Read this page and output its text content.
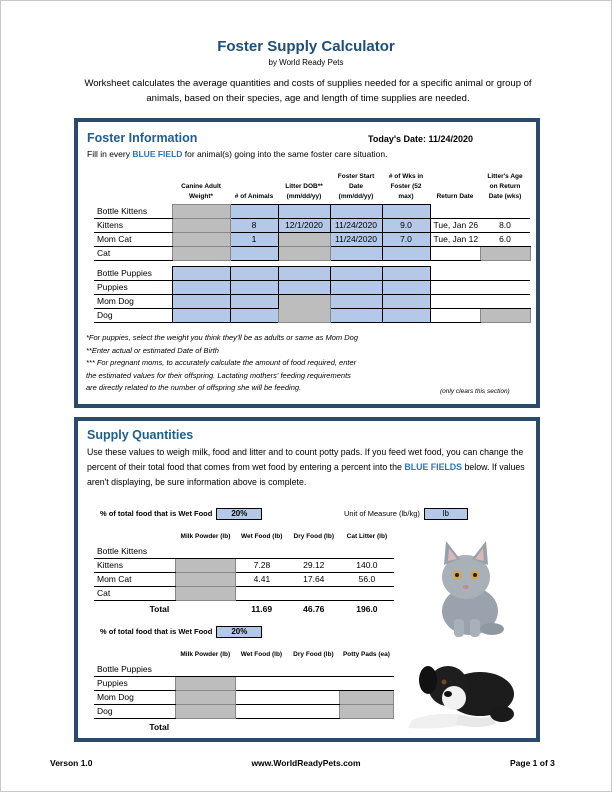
Foster Supply Calculator
by World Ready Pets
Worksheet calculates the average quantities and costs of supplies needed for a specific animal or group of animals, based on their species, age and length of time supplies are needed.
Foster Information	Today's Date: 11/24/2020
Fill in every BLUE FIELD for animal(s) going into the same foster care situation.
	Canine Adult Weight*	# of Animals	Litter DOB** (mm/dd/yy)	Foster Start Date (mm/dd/yy)	# of Wks in Foster (52 max)	Return Date	Litter's Age on Return Date (wks)
Bottle Kittens							
Kittens		8	12/1/2020	11/24/2020	9.0	Tue, Jan 26	8.0
Mom Cat		1		11/24/2020	7.0	Tue, Jan 12	6.0
Cat							

Bottle Puppies							
Puppies							
Mom Dog							
Dog							
*For puppies, select the weight you think they'll be as adults or same as Mom Dog
**Enter actual or estimated Date of Birth
*** For pregnant moms, to accurately calculate the amount of food required, enter
the estimated values for their offspring. Lactating mothers' feeding requirements
are directly related to the number of offspring she will be feeding.	(only clears this section)
Supply Quantities
Use these values to weigh milk, food and litter and to count potty pads. If you feed wet food, you can change the percent of their total food that comes from wet food by entering a percent into the BLUE FIELDS below. If values aren't displaying, be sure information above is complete.
% of total food that is Wet Food 20%	Unit of Measure (lb/kg)	lb
	Milk Powder (lb)	Wet Food (lb)	Dry Food (lb)	Cat Litter (lb)
Bottle Kittens				
Kittens		7.28	29.12	140.0
Mom Cat		4.41	17.64	56.0
Cat				
Total		11.69	46.76	196.0
% of total food that is Wet Food 20%
	Milk Powder (lb)	Wet Food (lb)	Dry Food (lb)	Potty Pads (ea)
Bottle Puppies				
Puppies				
Mom Dog				
Dog				
Total				
Verson 1.0	www.WorldReadyPets.com	Page 1 of 3
